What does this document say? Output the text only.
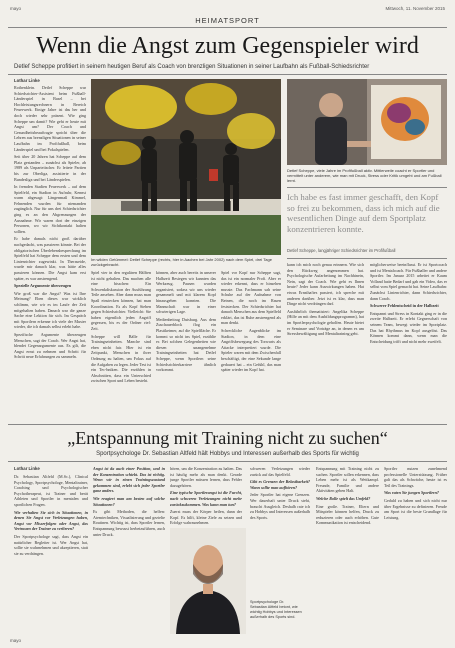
mayo	Mittwoch, 11. November 2015
HEIMATSPORT
Wenn die Angst zum Gegenspieler wird
Detlef Scheppe profitiert in seinem heutigen Beruf als Coach von brenzligen Situationen in seiner Laufbahn als Fußball-Schiedsrichter
Lothar Linke

Rothenklein. Detlef Scheppe war Schiedsrichter-Assistent beim Fußball-Länderspiel in Basel – bei Hochleistungsrechnern in Bereich Feuerwerk. Einige Jahre ist das her und doch wieder sehr präsent. Wie ging Scheppe um damit? Wie geht er heute mit Angst um? Der Coach und Gesundheitsbeauftragte spricht über die Lehren aus brenzligen Situationen in seiner Laufbahn im Profifußball, beim Länderspiel und bei Pokalspielen.

Seit über 20 Jahren hat Scheppe auf dem Platz gestanden – zunächst als Spieler, ab 1989 als Unparteiischer. Er leitete Partien bis zur Oberliga, assistierte in der Bundesliga und bei Länderspielen.

In fremden Stadien Feuerwerk – auf dem Spielfeld, ein Stadion in Aufruhr, Kennst warm abgesagt: Längenmaß Kimmel, Fehnenden wurden für niemanden zugänglich. Nur für uns drei Schiedsrichter ging es an den Abgrenzungen der Ausnahme. Wir waren dort der einzigen Personen, wo wir Sichtkontakt halten sollten.

Er habe damals nicht groß darüber nachgedacht, was passieren könnte. Bei der obligatorischen Überlebensbesprechung im Spielfeld hat Scheppe dem ersten und dem Linienrichter zugewinkt. In Theraseide, wurde mir danach klar, was hätte alles passieren können. Die Angst kam erst später, es war anstrengend.

Spezielle Argumente überzeugen

Wie groß war die Angst? Was ist Ihre Meinung? Eben dieses war wirklich schlimm, wie wir es im Laufe der Zeit mitgehalten haben. Danach war die ganze Sache eine Lektion für sich. Im Gespräch mit Sportlern erkenne ich viele der Muster wieder, die ich damals selbst erlebt habe.

Spezifische Argumente überzeugen Menschen, sagt der Coach. Wer Angst hat, blendet Gegenargumente aus. Es gilt, die Angst ernst zu nehmen und Schritt für Schritt neue Erfahrungen zu sammeln.

Im wilden Getümmel: Detlef Scheppe (rechts, hier in Aachen bei Jahr 2002) nach dem Spiel, drei Tage zurückgebracht.

Spiel vier in den regulären Hälften ist nicht gehalten. Das machen alle eine bisschen: Ein Schwenkdiskussion der Ausführung Teile ansehen. Aber dann muss man Spaß einstecken können, hat man Koordination. Es als Kopf Sieben gegen Schiedsrichter. Vielleicht: Sie haben eigentlich jeden Angriff gegessen, bis es der Ordner rief: Zeit.

Scheppe will Bälle für Trainingseinheiten. Manche sind eben nicht fair. Hier ist ein Zeitpunkt, Menschen in ihrer Ordnung zu halten, um Fokus auf die Aufgaben zu legen. Jeder Test ist ein Tec-hniken. Die erzählen in Abschnitten, dass ein Unterschied zwischen Sport und Leben besteht.

können, aber auch bereits in unserer Halbzeit Besiegen wir kannten das Werkzeug. Pausen wurden organisiert, sodass wir uns wieder gesammelt und mit klarem Kopf hinausgehen konnten. Die Mannschaft war in einer schwierigen Lage.

Medienbeitrag Duisburg. Aus dem Zuschauerblock flog ein Plastikeimer, auf die Spielfläche. Er kommt so nicht ins Spiel, erzählte er. Bei solchen Gelegenheiten wie diesen unangenehme Trainingseinheiten hat Detlef Scheppe, wenn Sportlern seine Schiedsrichterkarriere ähnlich vorkommt.

Spiel vor Kopf nur Scheppe sagt, das ist ein normaler Profi. Aber er wieder erkennt, dass er hinsehen musste. Das Fachmann sah seine Schuhe auf der Aufnahme von Beinen, die noch im Rasen feststecken. Der Schiedsrichter hat danach Menschen aus dem Spielfeld erklärt, das ist Ruhe anstrengend als man denkt.

Schreckliche Augenblicke im Stadion, in dem eine Angriffsbewegung des Torwarts als Attacke interpretiert wurde. Die Spieler waren mit dem Zwischenfall beschäftigt, der eine Sekunde lange gedauert hat – ein Gefühl, das man später wieder im Kopf hat.

Detlef Scheppe, viele Jahre im Profifußball aktiv. Mittlerweile coacht er Sportler und vermittelt unter anderem, wie man mit Druck, Stress oder Kritik umgeht und am Fußball lernt.
Ich habe es fast immer geschafft, den Kopf so frei zu bekommen, dass ich mich auf die wesentlichen Dinge auf dem Sportplatz konzentrieren konnte.
Detlef Scheppe, langjähriger Schiedsrichter im Profifußball

kann ich mich noch genau erinnern. Wie sich den Rückweg angenommen hat. Psychologische Aufarbeitung im Nachhinein, Nein, sagt der Coach. Wie geht es Ihnen heute? Jeder kann Auswirkungen haben. Hat etwas Ernsthaftes passiert, ich spreche mit anderen darüber. Jetzt ist es klar, dass man Dinge nicht verdrängen darf.

Ausführlich thematisiert: Angelika Scheppe (Hilfe an mit dem Ausbildungsprogramm), hat im Sportlerpsychologie geholfen. Heute bietet er Seminare und Vorträge an, in denen es um Stressbewältigung und Mentaltraining geht.

möglicherweise beeinflusst. Er ist Sportcoach und ist Mentalcoach. Für Fußballer und andere Sportler. Im Januar 2015 arbeitet er Kaum Volland hatte Bedarf und gab ein Video, das er selbst vom Spiel gemacht hat. Seine Laufbahn: Zunächst Linienrichter, dann Schiedsrichter, dann Coach.

Schwerer Fehlentscheid in der Halbzeit

Entspannt und Stress in Kontakt ging er in die zweite Halbzeit. Er erlebt Gegnerschaft von seinem Team, bewegt wieder im Sportplatz. Das hat Rhythmus im Kopf ausgelöst. Das Können kommt dann, wenn man die Entscheidung trifft und nicht mehr zweifelt.

„Entspannung mit Training nicht zu suchen“
Sportpsychologe Dr. Sebastian Altfeld hält Hobbys und Interessen außerhalb des Sports für wichtig
Lothar Linke

Dr. Sebastian Altfeld (M.Sc.), Clinical Psychology, Sportpsychologe, Mentaltrainer, Coaching und Psychologischer Psychotherapeut, ist Trainer und berät Athleten und Sportler in mentalen und sportlichen Fragen.

Wie verhalten Sie sich in Situationen, in denen Sie Angst vor Verletzungen haben, Angst vor Misserfolgen oder Angst, das Vertrauen der Trainer zu verlieren?

Der Sportpsychologe sagt, dass Angst ein natürlicher Begleiter ist. Wer Angst hat, sollte sie wahrnehmen und akzeptieren, statt sie zu verdrängen.

Angst ist da auch einer Position, und in der Konzentration schiebt. Das ist richtig. Wenn wir in einen Trainingszustand gekommen sind, erlebt sich jeder Sportler ganz anders.

Wie reagiert man am besten auf solche Situationen?

Es gibt Methoden, die helfen: Atemtechniken, Visualisierung und gezielte Routinen. Wichtig ist, dass Sportler lernen, Entspannung bewusst herbeizuführen, auch unter Druck.

hören, um die Konzentration zu halten. Das ist häufig mehr als man denkt. Gerade junge Sportler müssen lernen, dass Fehler dazugehören.

Eine typische Sportlerangst ist die Furcht, nach schweren Verletzungen nicht mehr zurückzukommen. Was kann man tun?

Zuerst muss der Körper heilen, dann der Kopf. Es hilft, kleine Ziele zu setzen und Erfolge wahrzunehmen.

Sportpsychologe Dr. Sebastian Altfeld betont, wie wichtig Hobbys und Interessen außerhalb des Sports sind.

schweren Verletzungen wieder zurück auf das Spielfeld.

Gibt es Grenzen der Belastbarkeit? Wann sollte man aufhören?

Jeder Sportler hat eigene Grenzen. Wer dauerhaft unter Druck steht, braucht Ausgleich. Deshalb rate ich zu Hobbys und Interessen außerhalb des Sports.

Entspannung mit Training nicht zu suchen. Sportler sollen erkennen, dass Leben mehr ist als Wettkampf. Freunde, Familie und andere Aktivitäten geben Halt.

Welche Rolle spielt das Umfeld?

Eine große. Trainer, Eltern und Mitspieler können helfen, Druck zu reduzieren oder auch erhöhen. Gute Kommunikation ist entscheidend.

Sportler nutzen zunehmend professionelle Unterstützung. Früher galt das als Schwäche, heute ist es Teil des Trainings.

Was raten Sie jungen Sportlern?

Geduld zu haben und sich nicht nur über Ergebnisse zu definieren. Freude am Sport ist die beste Grundlage für Leistung.

mayo
